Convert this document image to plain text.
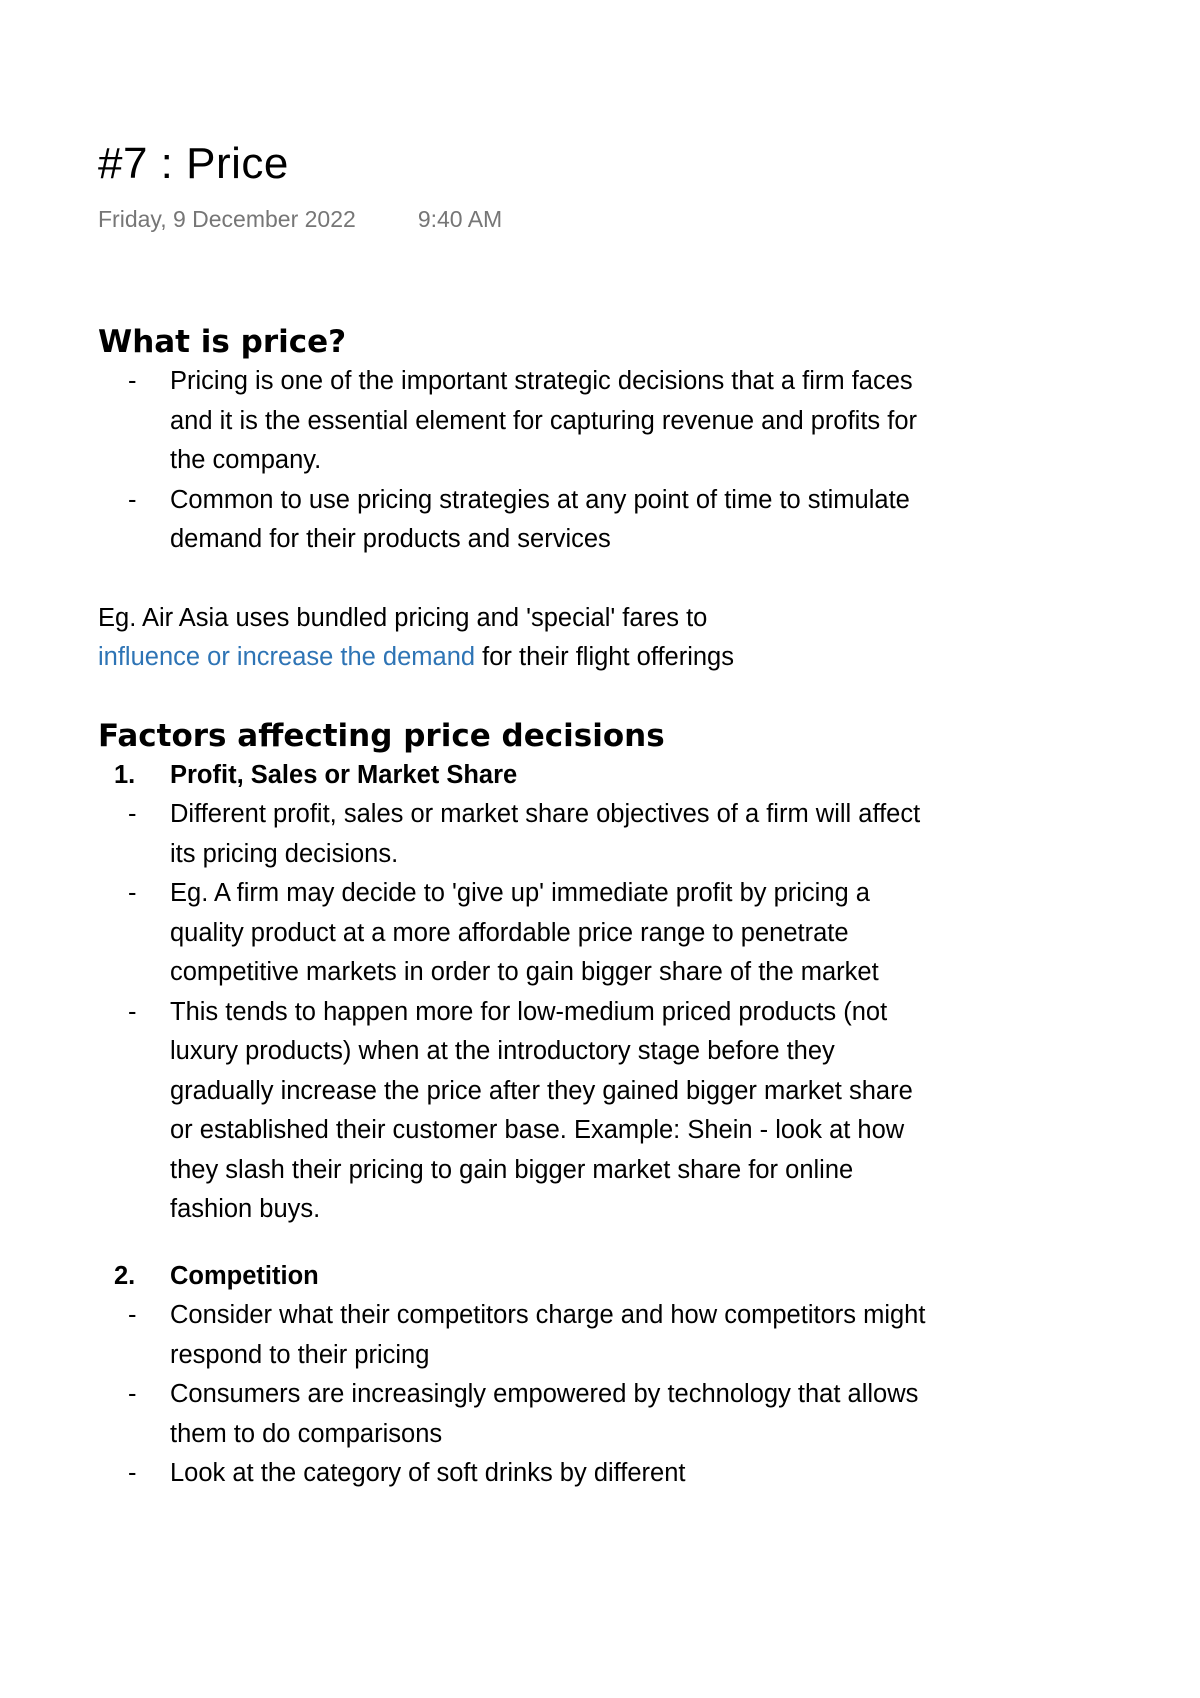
#7 : Price
Friday, 9 December 2022	9:40 AM
What is price?
- Pricing is one of the important strategic decisions that a firm faces and it is the essential element for capturing revenue and profits for the company.
- Common to use pricing strategies at any point of time to stimulate demand for their products and services
Eg. Air Asia uses bundled pricing and 'special' fares to
influence or increase the demand for their flight offerings
Factors affecting price decisions
1. Profit, Sales or Market Share
- Different profit, sales or market share objectives of a firm will affect its pricing decisions.
- Eg. A firm may decide to 'give up' immediate profit by pricing a quality product at a more affordable price range to penetrate competitive markets in order to gain bigger share of the market
- This tends to happen more for low-medium priced products (not luxury products) when at the introductory stage before they gradually increase the price after they gained bigger market share or established their customer base. Example: Shein - look at how they slash their pricing to gain bigger market share for online fashion buys.
2. Competition
- Consider what their competitors charge and how competitors might respond to their pricing
- Consumers are increasingly empowered by technology that allows them to do comparisons
- Look at the category of soft drinks by different
